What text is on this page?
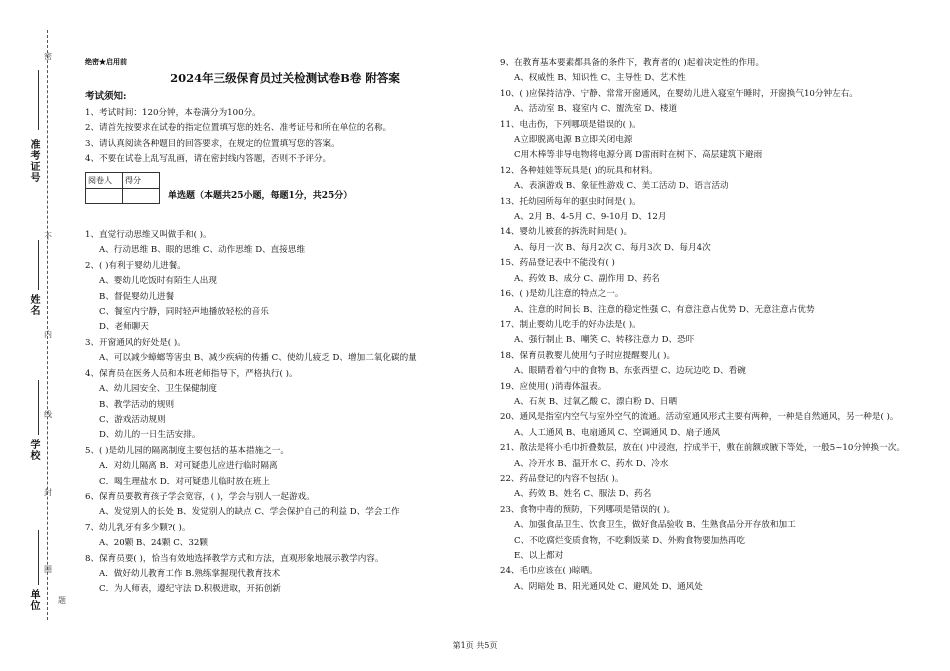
密
不
内
线
封
圈
题
准考证号
姓名
学校
单位
绝密★启用前
2024年三级保育员过关检测试卷B卷 附答案
考试须知:
1、考试时间：120分钟，本卷满分为100分。
2、请首先按要求在试卷的指定位置填写您的姓名、准考证号和所在单位的名称。
3、请认真阅读各种题目的回答要求，在规定的位置填写您的答案。
4、不要在试卷上乱写乱画，请在密封线内答题，否则不予评分。
阅卷人	得分

单选题（本题共25小题，每题1分，共25分）
1、直觉行动思维又叫做手和( )。
A、行动思维 B、眼的思维 C、动作思维 D、直接思维
2、( )有利于婴幼儿进餐。
A、婴幼儿吃饭时有陌生人出现
B、督促婴幼儿进餐
C、餐室内宁静，同时轻声地播放轻松的音乐
D、老师聊天
3、开窗通风的好处是( )。
A、可以减少蟑螂等害虫 B、减少疾病的传播 C、使幼儿疲乏 D、增加二氧化碳的量
4、保育员在医务人员和本班老师指导下，严格执行( )。
A、幼儿园安全、卫生保健制度
B、教学活动的规则
C、游戏活动规则
D、幼儿的一日生活安排。
5、( )是幼儿园的隔离制度主要包括的基本措施之一。
A．对幼儿隔离 B．对可疑患儿应进行临时隔离
C．喝生理盐水 D．对可疑患儿临时放在班上
6、保育员要教育孩子学会宽容，( )，学会与别人一起游戏。
A、发觉别人的长处 B、发觉别人的缺点 C、学会保护自己的利益 D、学会工作
7、幼儿乳牙有多少颗?( )。
A、20颗 B、24颗 C、32颗
8、保育员要( )，恰当有效地选择教学方式和方法，直观形象地展示教学内容。
A．做好幼儿教育工作 B.熟练掌握现代教育技术
C．为人师表，遵纪守法 D.积极进取，开拓创新
9、在教育基本要素都具备的条件下，教育者的( )起着决定性的作用。
A、权威性 B、知识性 C、主导性 D、艺术性
10、( )应保持洁净、宁静、常常开窗通风，在婴幼儿进入寝室午睡时，开窗换气10分钟左右。
A、活动室 B、寝室内 C、盥洗室 D、楼道
11、电击伤，下列哪项是错误的( )。
A立即脱离电源 B立即关闭电源
C用木棒等非导电物将电源分离 D雷雨时在树下、高层建筑下避雨
12、各种娃娃等玩具是( )的玩具和材料。
A、表演游戏 B、象征性游戏 C、美工活动 D、语言活动
13、托幼园所每年的驱虫时间是( )。
A、2月 B、4-5月 C、9-10月 D、12月
14、婴幼儿被套的拆洗时间是( )。
A、每月一次 B、每月2次 C、每月3次 D、每月4次
15、药品登记表中不能没有( )
A、药效 B、成分 C、副作用 D、药名
16、( )是幼儿注意的特点之一。
A、注意的时间长 B、注意的稳定性强 C、有意注意占优势 D、无意注意占优势
17、制止婴幼儿吃手的好办法是( )。
A、强行制止 B、嘲笑 C、转移注意力 D、恐吓
18、保育员教婴儿使用勺子时应提醒婴儿( )。
A、眼睛看着勺中的食物 B、东张西望 C、边玩边吃 D、看碗
19、应使用( )消毒体温表。
A、石灰 B、过氧乙酸 C、漂白粉 D、日晒
20、通风是指室内空气与室外空气的流通。活动室通风形式主要有两种，一种是自然通风，另一种是( )。
A、人工通风 B、电扇通风 C、空调通风 D、扇子通风
21、散法是将小毛巾折叠数层，放在( )中浸泡，拧成半干，敷在前额或腋下等处，一般5~10分钟换一次。
A、冷开水 B、温开水 C、药水 D、冷水
22、药品登记的内容不包括( )。
A、药效 B、姓名 C、服法 D、药名
23、食物中毒的预防，下列哪项是错误的( )。
A、加强食品卫生、饮食卫生，做好食品验收 B、生熟食品分开存放和加工
C、不吃腐烂变质食物，不吃剩饭菜 D、外购食物要加热再吃
E、以上都对
24、毛巾应该在( )晾晒。
A、阴暗处 B、阳光通风处 C、避风处 D、通风处
第1页 共5页
